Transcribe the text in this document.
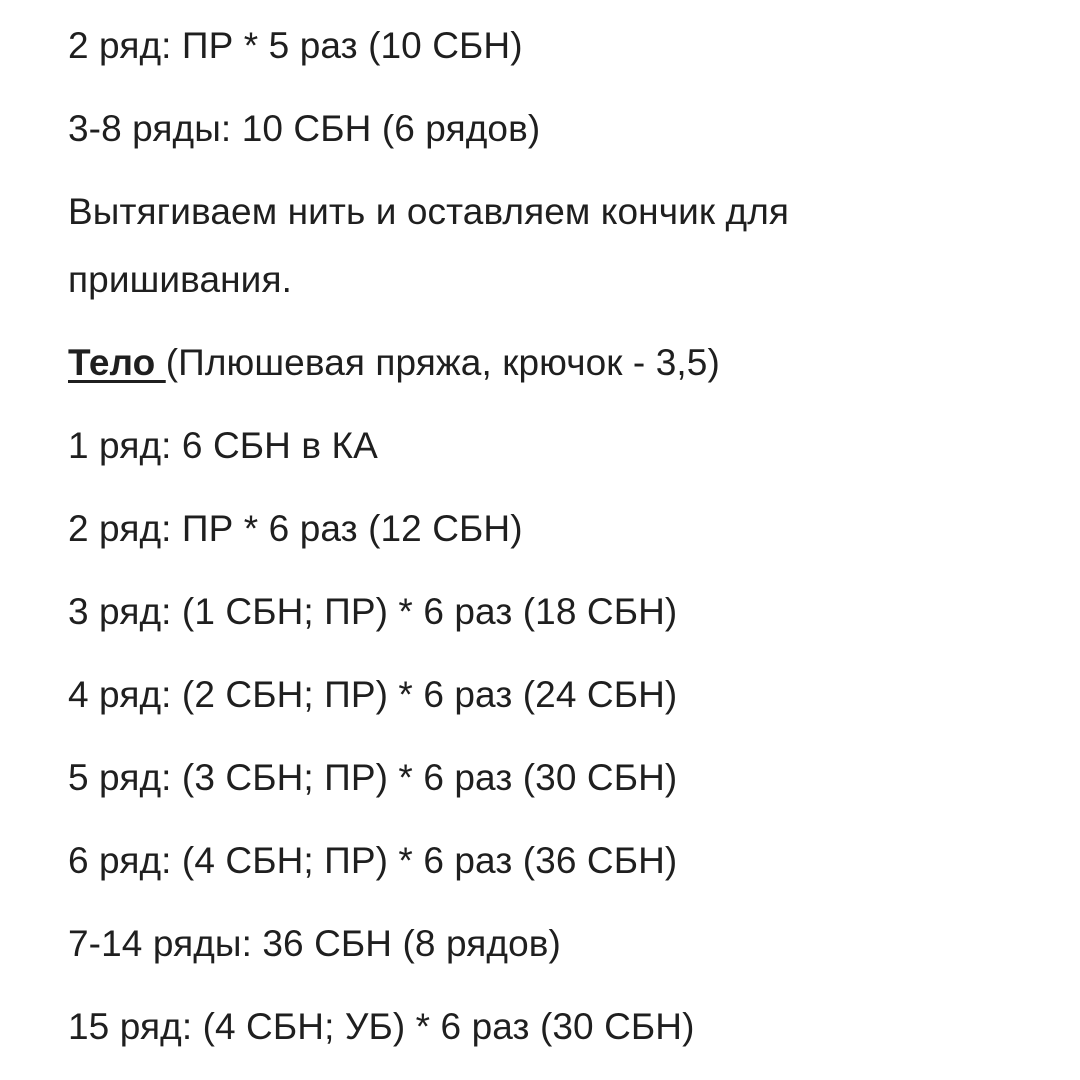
2 ряд: ПР * 5 раз (10 СБН)
3-8 ряды: 10 СБН (6 рядов)
Вытягиваем нить и оставляем кончик для
пришивания.
Тело (Плюшевая пряжа, крючок - 3,5)
1 ряд: 6 СБН в КА
2 ряд: ПР * 6 раз (12 СБН)
3 ряд: (1 СБН; ПР) * 6 раз (18 СБН)
4 ряд: (2 СБН; ПР) * 6 раз (24 СБН)
5 ряд: (3 СБН; ПР) * 6 раз (30 СБН)
6 ряд: (4 СБН; ПР) * 6 раз (36 СБН)
7-14 ряды: 36 СБН (8 рядов)
15 ряд: (4 СБН; УБ) * 6 раз (30 СБН)
